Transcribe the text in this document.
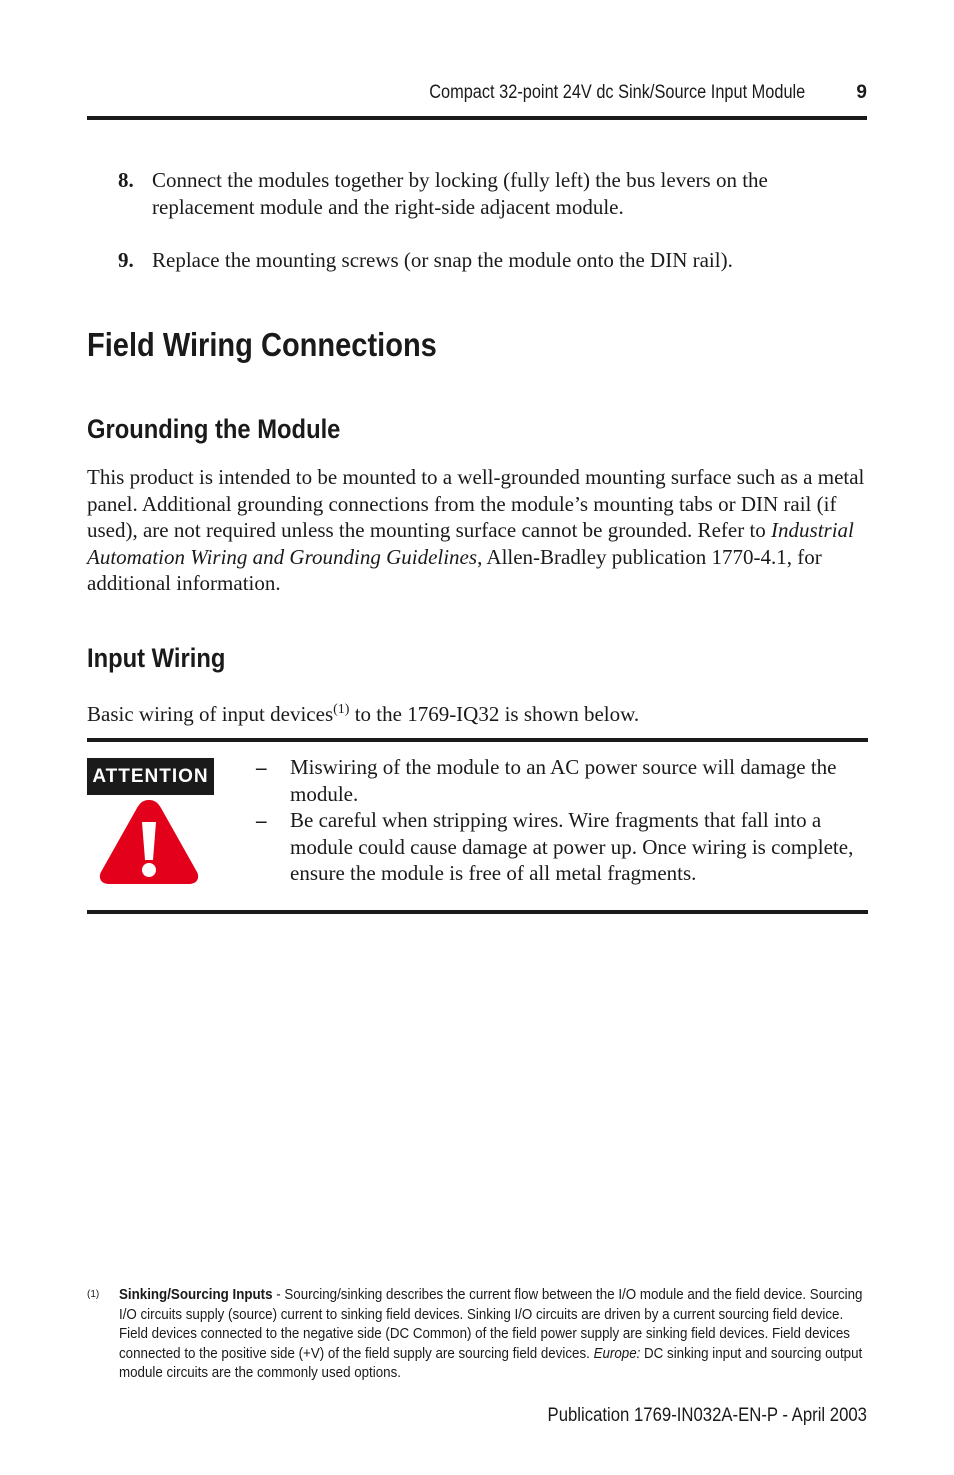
Compact 32-point 24V dc Sink/Source Input Module	9
8. Connect the modules together by locking (fully left) the bus levers on the replacement module and the right-side adjacent module.
9. Replace the mounting screws (or snap the module onto the DIN rail).
Field Wiring Connections
Grounding the Module
This product is intended to be mounted to a well-grounded mounting surface such as a metal panel. Additional grounding connections from the module’s mounting tabs or DIN rail (if used), are not required unless the mounting surface cannot be grounded. Refer to Industrial Automation Wiring and Grounding Guidelines, Allen-Bradley publication 1770-4.1, for additional information.
Input Wiring
Basic wiring of input devices$^{(1)}$ to the 1769-IQ32 is shown below.
ATTENTION – Miswiring of the module to an AC power source will damage the module.
– Be careful when stripping wires. Wire fragments that fall into a module could cause damage at power up. Once wiring is complete, ensure the module is free of all metal fragments.
(1) Sinking/Sourcing Inputs - Sourcing/sinking describes the current flow between the I/O module and the field device. Sourcing I/O circuits supply (source) current to sinking field devices. Sinking I/O circuits are driven by a current sourcing field device. Field devices connected to the negative side (DC Common) of the field power supply are sinking field devices. Field devices connected to the positive side (+V) of the field supply are sourcing field devices. Europe: DC sinking input and sourcing output module circuits are the commonly used options.
Publication 1769-IN032A-EN-P - April 2003
